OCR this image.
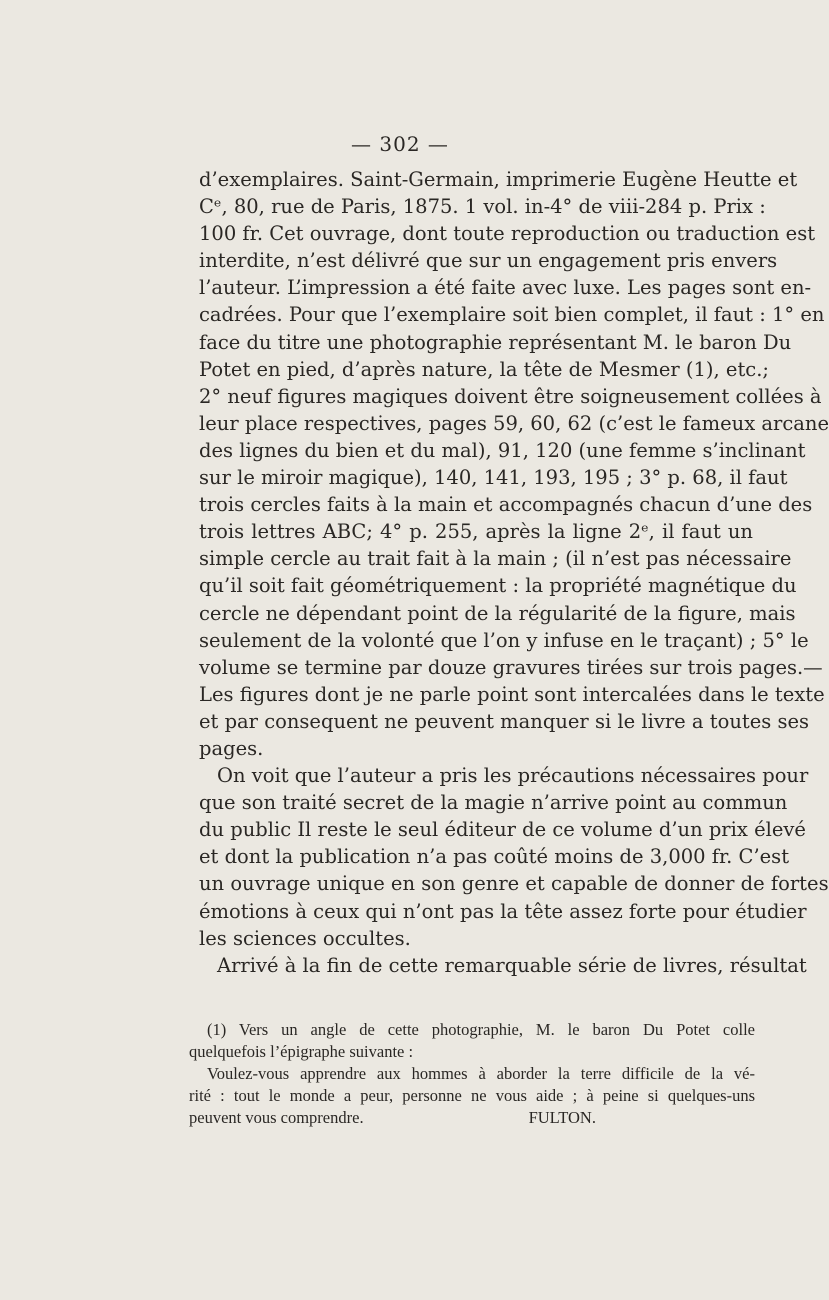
— 302 —
d’exemplaires. Saint-Germain, imprimerie Eugène Heutte et
Cᵉ, 80, rue de Paris, 1875. 1 vol. in-4° de viii-284 p. Prix :
100 fr. Cet ouvrage, dont toute reproduction ou traduction est
interdite, n’est délivré que sur un engagement pris envers
l’auteur. L’impression a été faite avec luxe. Les pages sont en-
cadrées. Pour que l’exemplaire soit bien complet, il faut : 1° en
face du titre une photographie représentant M. le baron Du
Potet en pied, d’après nature, la tête de Mesmer (1), etc.;
2° neuf figures magiques doivent être soigneusement collées à
leur place respectives, pages 59, 60, 62 (c’est le fameux arcane
des lignes du bien et du mal), 91, 120 (une femme s’inclinant
sur le miroir magique), 140, 141, 193, 195 ; 3° p. 68, il faut
trois cercles faits à la main et accompagnés chacun d’une des
trois lettres ABC; 4° p. 255, après la ligne 2ᵉ, il faut un
simple cercle au trait fait à la main ; (il n’est pas nécessaire
qu’il soit fait géométriquement : la propriété magnétique du
cercle ne dépendant point de la régularité de la figure, mais
seulement de la volonté que l’on y infuse en le traçant) ; 5° le
volume se termine par douze gravures tirées sur trois pages.—
Les figures dont je ne parle point sont intercalées dans le texte
et par consequent ne peuvent manquer si le livre a toutes ses
pages.
On voit que l’auteur a pris les précautions nécessaires pour
que son traité secret de la magie n’arrive point au commun
du public Il reste le seul éditeur de ce volume d’un prix élevé
et dont la publication n’a pas coûté moins de 3,000 fr. C’est
un ouvrage unique en son genre et capable de donner de fortes
émotions à ceux qui n’ont pas la tête assez forte pour étudier
les sciences occultes.
Arrivé à la fin de cette remarquable série de livres, résultat
(1) Vers un angle de cette photographie, M. le baron Du Potet colle
quelquefois l’épigraphe suivante :
Voulez-vous apprendre aux hommes à aborder la terre difficile de la vé-
rité : tout le monde a peur, personne ne vous aide ; à peine si quelques-uns
peuvent vous comprendre.                                        FULTON.
